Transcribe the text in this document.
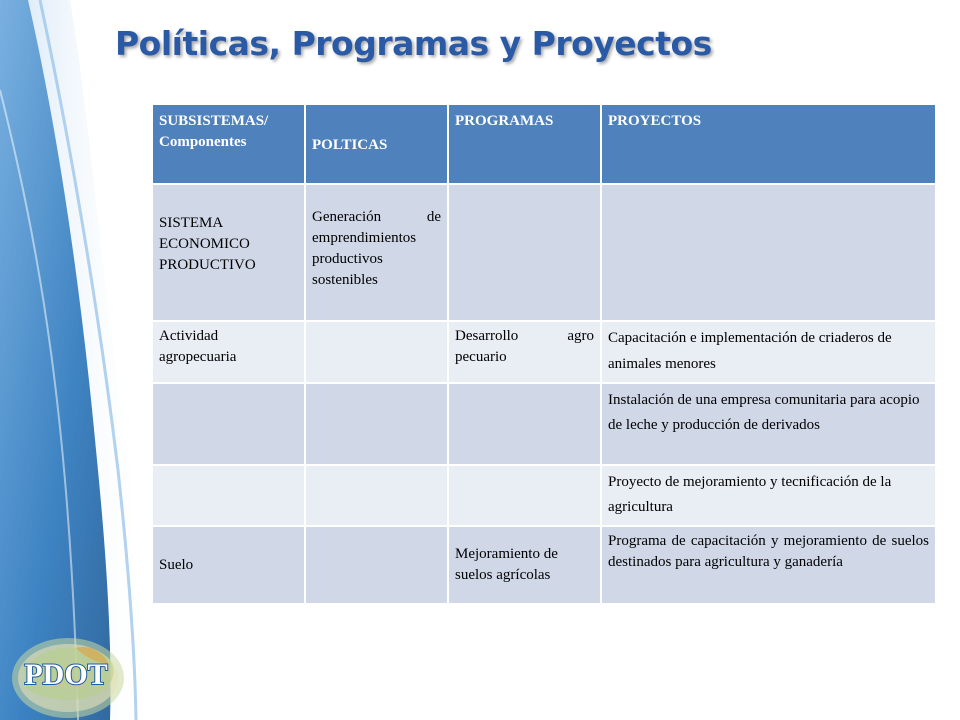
Políticas, Programas y Proyectos
SUBSISTEMAS/ Componentes	POLTICAS	PROGRAMAS	PROYECTOS
SISTEMA ECONOMICO PRODUCTIVO	Generación de emprendimientos productivos sostenibles		
Actividad agropecuaria		Desarrollo agro pecuario	Capacitación e implementación de criaderos de animales menores
			Instalación de una empresa comunitaria para acopio de leche y producción de derivados
			Proyecto de mejoramiento y tecnificación de la agricultura
Suelo		Mejoramiento de suelos agrícolas	Programa de capacitación y mejoramiento de suelos destinados para agricultura y ganadería
PDOT
